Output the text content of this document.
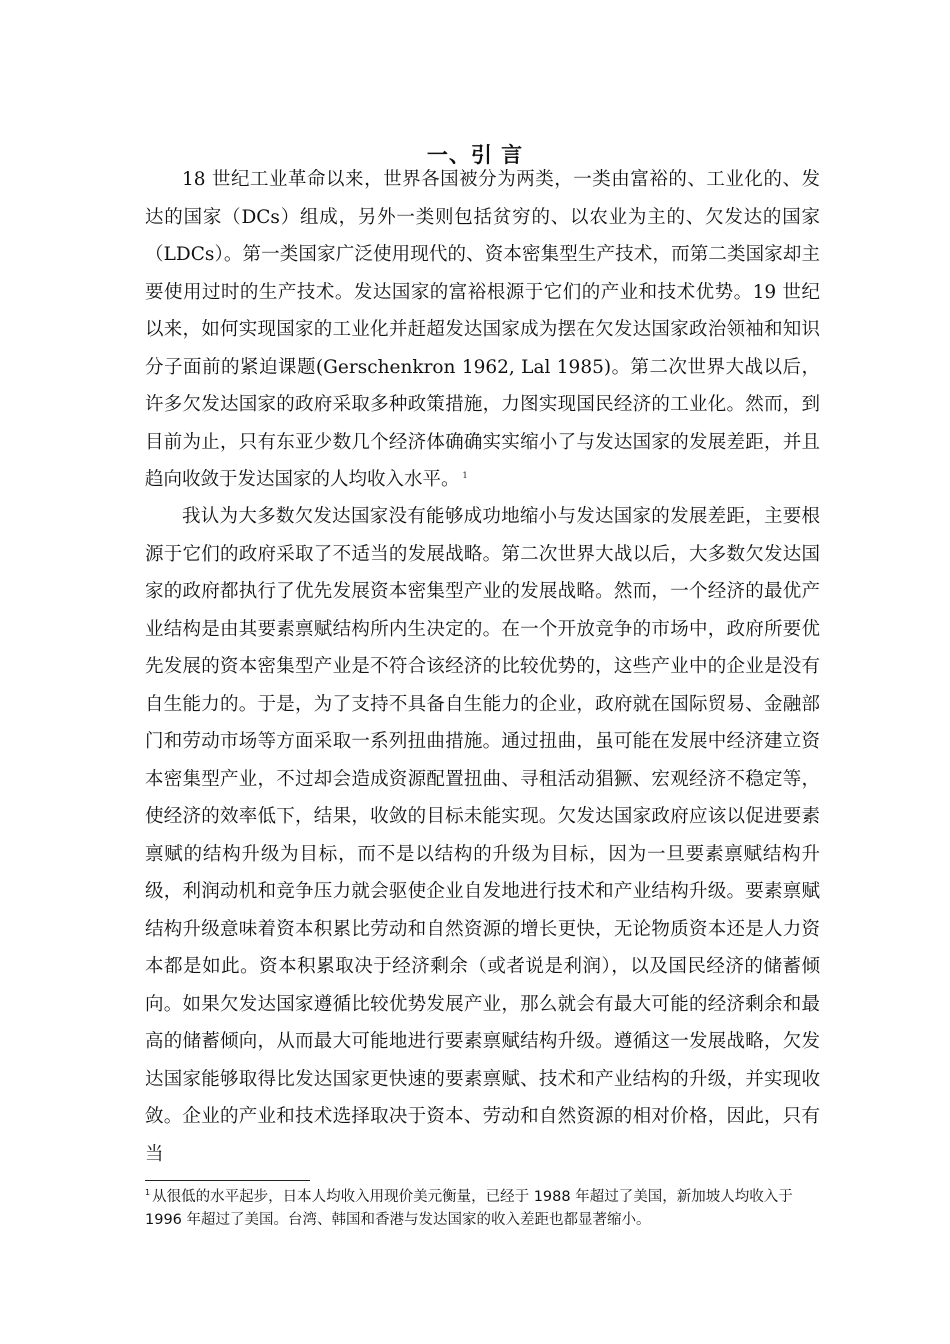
一、引 言

18 世纪工业革命以来，世界各国被分为两类，一类由富裕的、工业化的、发达的国家（DCs）组成，另外一类则包括贫穷的、以农业为主的、欠发达的国家（LDCs）。第一类国家广泛使用现代的、资本密集型生产技术，而第二类国家却主要使用过时的生产技术。发达国家的富裕根源于它们的产业和技术优势。19 世纪以来，如何实现国家的工业化并赶超发达国家成为摆在欠发达国家政治领袖和知识分子面前的紧迫课题(Gerschenkron 1962, Lal 1985)。第二次世界大战以后，许多欠发达国家的政府采取多种政策措施，力图实现国民经济的工业化。然而，到目前为止，只有东亚少数几个经济体确确实实缩小了与发达国家的发展差距，并且趋向收敛于发达国家的人均收入水平。 $^1$

我认为大多数欠发达国家没有能够成功地缩小与发达国家的发展差距，主要根源于它们的政府采取了不适当的发展战略。第二次世界大战以后，大多数欠发达国家的政府都执行了优先发展资本密集型产业的发展战略。然而，一个经济的最优产业结构是由其要素禀赋结构所内生决定的。在一个开放竞争的市场中，政府所要优先发展的资本密集型产业是不符合该经济的比较优势的，这些产业中的企业是没有自生能力的。于是，为了支持不具备自生能力的企业，政府就在国际贸易、金融部门和劳动市场等方面采取一系列扭曲措施。通过扭曲，虽可能在发展中经济建立资本密集型产业，不过却会造成资源配置扭曲、寻租活动猖獗、宏观经济不稳定等，使经济的效率低下，结果，收敛的目标未能实现。欠发达国家政府应该以促进要素禀赋的结构升级为目标，而不是以结构的升级为目标，因为一旦要素禀赋结构升级，利润动机和竞争压力就会驱使企业自发地进行技术和产业结构升级。要素禀赋结构升级意味着资本积累比劳动和自然资源的增长更快，无论物质资本还是人力资本都是如此。资本积累取决于经济剩余（或者说是利润），以及国民经济的储蓄倾向。如果欠发达国家遵循比较优势发展产业，那么就会有最大可能的经济剩余和最高的储蓄倾向，从而最大可能地进行要素禀赋结构升级。遵循这一发展战略，欠发达国家能够取得比发达国家更快速的要素禀赋、技术和产业结构的升级，并实现收敛。企业的产业和技术选择取决于资本、劳动和自然资源的相对价格，因此，只有当

$^1$ 从很低的水平起步，日本人均收入用现价美元衡量，已经于 1988 年超过了美国，新加坡人均收入于 1996 年超过了美国。台湾、韩国和香港与发达国家的收入差距也都显著缩小。
